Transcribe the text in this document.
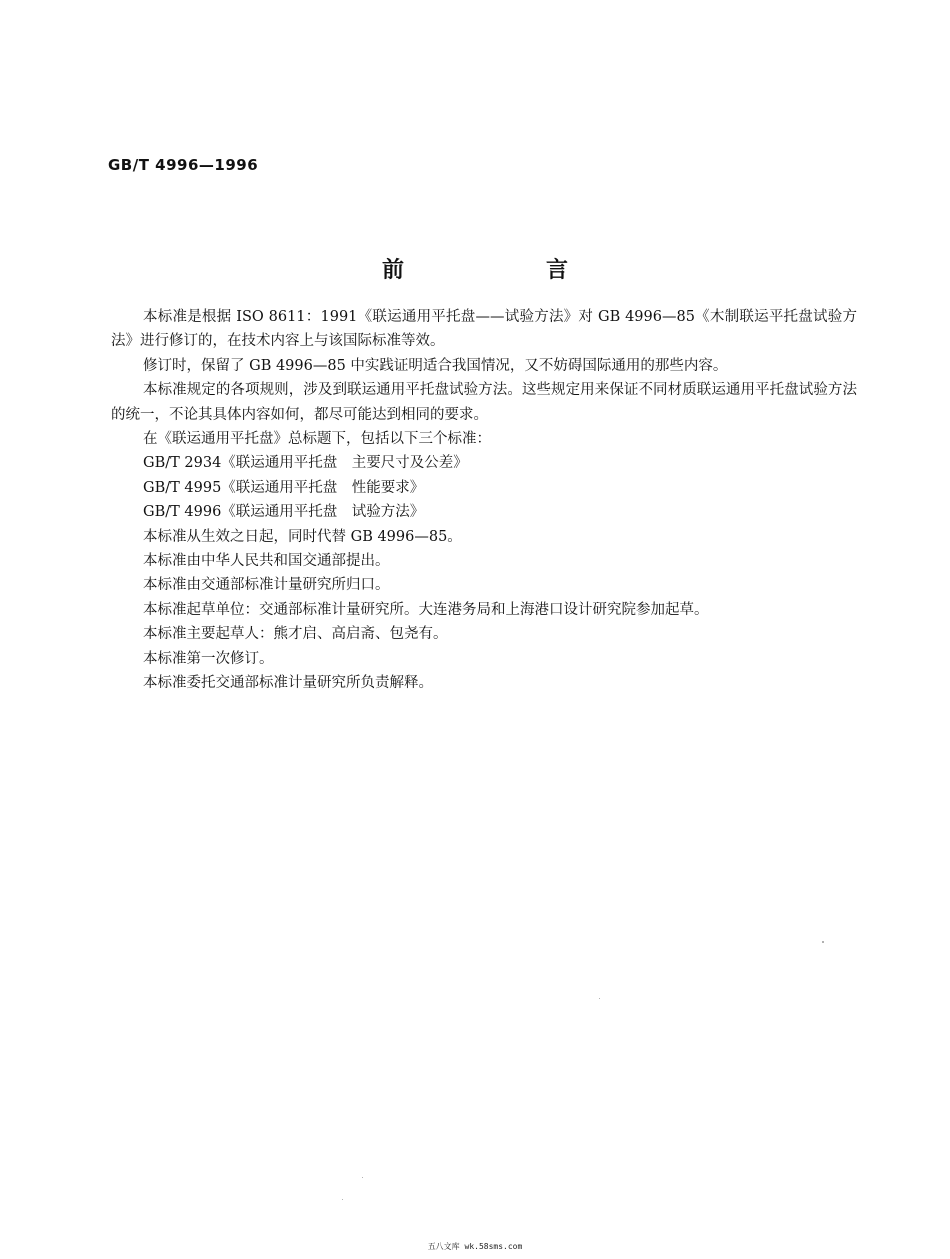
GB/T 4996—1996
前　言

本标准是根据 ISO 8611：1991《联运通用平托盘——试验方法》对 GB 4996—85《木制联运平托盘试验方法》进行修订的，在技术内容上与该国际标准等效。

修订时，保留了 GB 4996—85 中实践证明适合我国情况，又不妨碍国际通用的那些内容。

本标准规定的各项规则，涉及到联运通用平托盘试验方法。这些规定用来保证不同材质联运通用平托盘试验方法的统一，不论其具体内容如何，都尽可能达到相同的要求。

在《联运通用平托盘》总标题下，包括以下三个标准：

GB/T 2934《联运通用平托盘　主要尺寸及公差》

GB/T 4995《联运通用平托盘　性能要求》

GB/T 4996《联运通用平托盘　试验方法》

本标准从生效之日起，同时代替 GB 4996—85。

本标准由中华人民共和国交通部提出。

本标准由交通部标准计量研究所归口。

本标准起草单位：交通部标准计量研究所。大连港务局和上海港口设计研究院参加起草。

本标准主要起草人：熊才启、高启斋、包尧有。

本标准第一次修订。

本标准委托交通部标准计量研究所负责解释。

五八文库 wk.58sms.com
